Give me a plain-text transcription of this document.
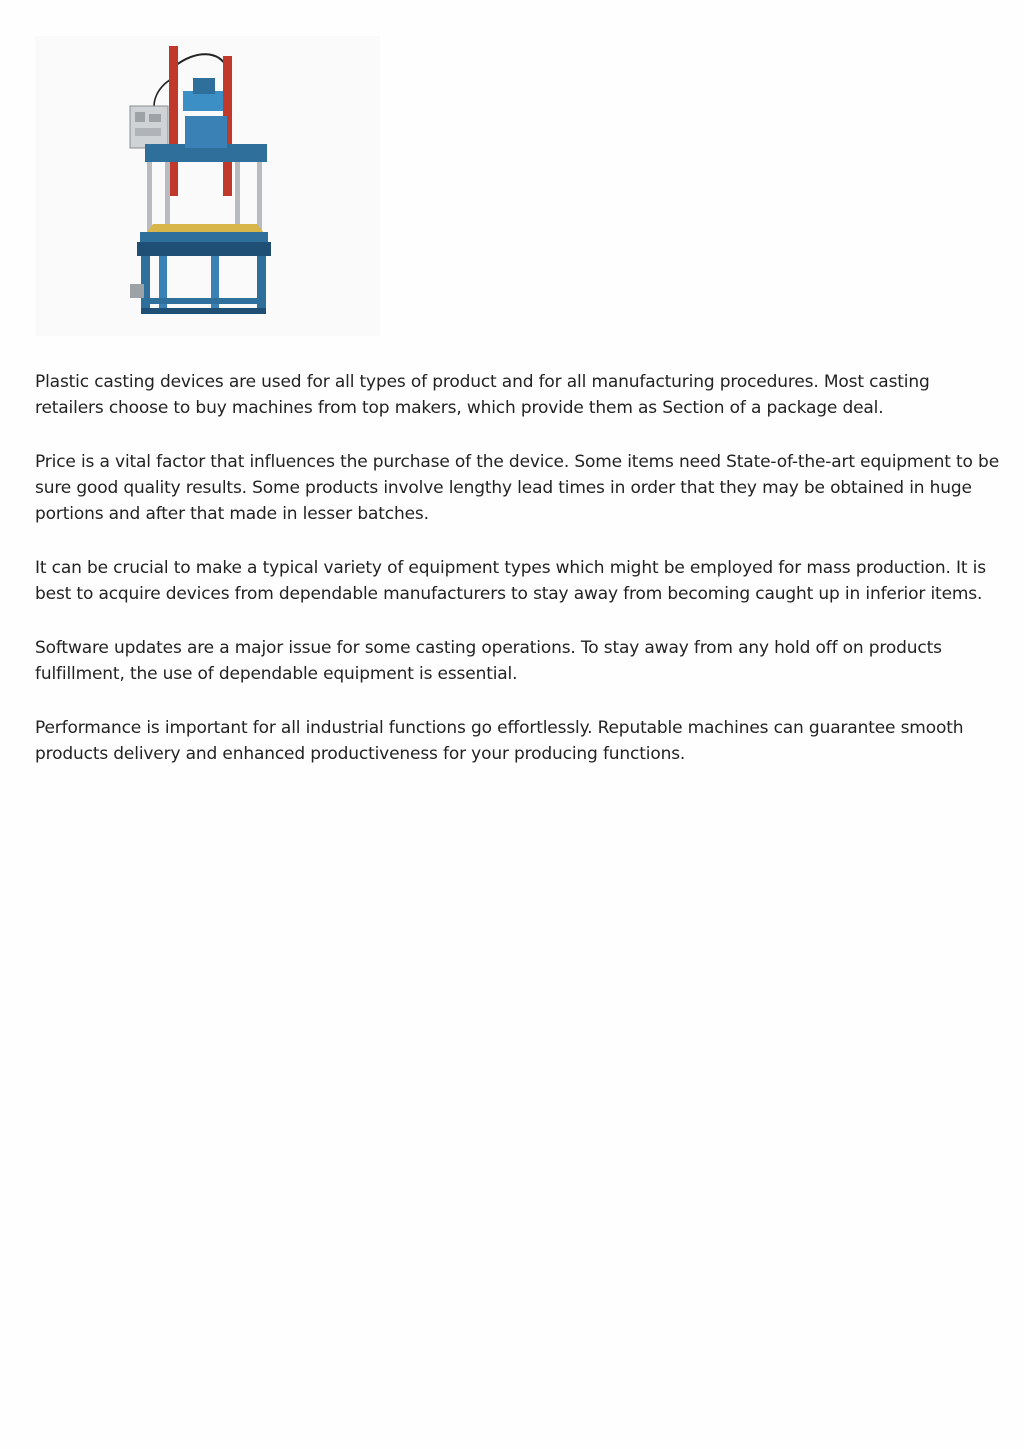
Plastic casting devices are used for all types of product and for all manufacturing procedures. Most casting retailers choose to buy machines from top makers, which provide them as Section of a package deal.

Price is a vital factor that influences the purchase of the device. Some items need State-of-the-art equipment to be sure good quality results. Some products involve lengthy lead times in order that they may be obtained in huge portions and after that made in lesser batches.

It can be crucial to make a typical variety of equipment types which might be employed for mass production. It is best to acquire devices from dependable manufacturers to stay away from becoming caught up in inferior items.

Software updates are a major issue for some casting operations. To stay away from any hold off on products fulfillment, the use of dependable equipment is essential.

Performance is important for all industrial functions go effortlessly. Reputable machines can guarantee smooth products delivery and enhanced productiveness for your producing functions.
